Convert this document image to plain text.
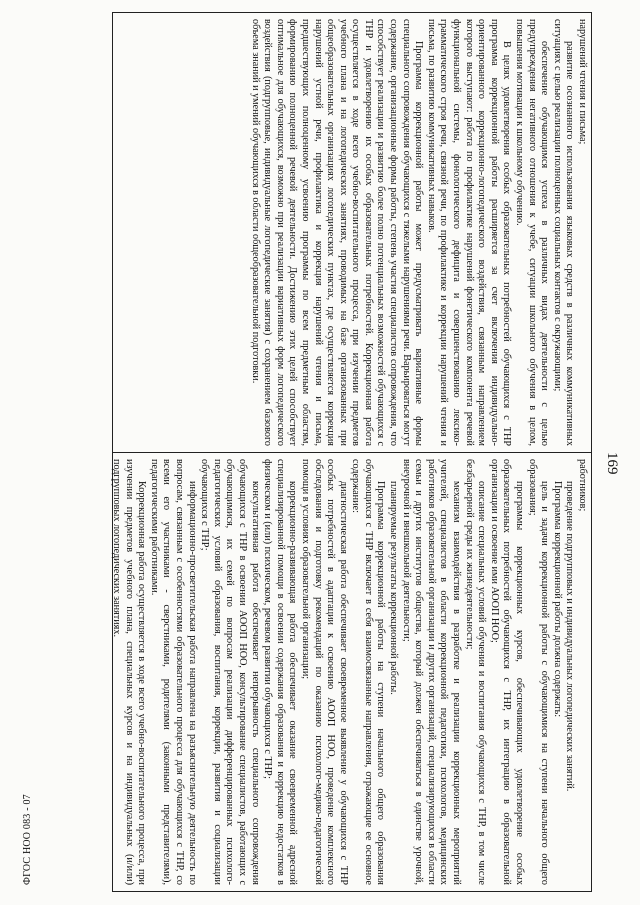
169

нарушений чтения и письма;

развитие осознанного использования языковых средств в различных коммуникативных ситуациях с целью реализации полноценных социальных контактов с окружающими;

обеспечение обучающимся успеха в различных видах деятельности с целью предупреждения негативного отношения к учебе, ситуации школьного обучения в целом, повышения мотивации к школьному обучению.

В целях удовлетворения особых образовательных потребностей обучающихся с ТНР программа коррекционной работы расширяется за счет включения индивидуально-ориентированного коррекционно-логопедического воздействия, связанным направлением которого выступают: работа по профилактике нарушений фонетического компонента речевой функциональной системы, фонологического дефицита и совершенствованию лексико-грамматического строя речи, связной речи, по профилактике и коррекции нарушений чтения и письма, по развитию коммуникативных навыков.

Программа коррекционной работы может предусматривать вариативные формы специального сопровождения обучающихся с тяжелыми нарушениями речи. Варьироваться могут содержание, организационные формы работы, степень участия специалистов сопровождения, что способствует реализации и развитию более полно потенциальных возможностей обучающихся с ТНР и удовлетворению их особых образовательных потребностей. Коррекционная работа осуществляется в ходе всего учебно-воспитательного процесса, при изучении предметов учебного плана и на логопедических занятиях, проводимых на базе организованных при общеобразовательных организациях логопедических пунктах, где осуществляется коррекция нарушений устной речи, профилактика и коррекция нарушений чтения и письма, предшествующих полноценному усвоению программы по всем предметным областям, формированию полноценной речевой деятельности. Достижению этих целей способствует оптимальное для обучающихся, возможно при реализации вариативных форм логопедического воздействия (подгрупповые, индивидуальные логопедические занятия) с сохранением базового объема знаний и умений обучающихся в области общеобразовательной подготовки.

работников;

проведение подгрупповых и индивидуальных логопедических занятий.

Программа коррекционной работы должна содержать:

цель и задачи коррекционной работы с обучающимися на ступени начального общего образования;

программы коррекционных курсов, обеспечивающих удовлетворение особых образовательных потребностей обучающихся с ТНР, их интеграцию в образовательной организации и освоение ими АООП НОО;

описание специальных условий обучения и воспитания обучающихся с ТНР, в том числе безбарьерной среды их жизнедеятельности;

механизм взаимодействия в разработке и реализации коррекционных мероприятий учителей, специалистов в области коррекционной педагогики, психологов, медицинских работников образовательной организации и других организаций, специализирующихся в области семьи и других институтов общества, который должен обеспечиваться в единстве урочной, внеурочной и внешкольной деятельности;

планируемые результаты коррекционной работы.

Программа коррекционной работы на ступени начального общего образования обучающихся с ТНР включает в себя взаимосвязанные направления, отражающие ее основное содержание:

диагностическая работа обеспечивает своевременное выявление у обучающихся с ТНР особых потребностей в адаптации к освоению АООП НОО, проведение комплексного обследования и подготовку рекомендаций по оказанию психолого-медико-педагогической помощи в условиях образовательной организации;

коррекционно-развивающая работа обеспечивает оказание своевременной адресной специализированной помощи в освоении содержания образования и коррекцию недостатков в физическом и (или) психическом, речевом развитии обучающихся с ТНР;

консультативная работа обеспечивает непрерывность специального сопровождения обучающихся с ТНР в освоении АООП НОО, консультирование специалистов, работающих с обучающимися, их семей по вопросам реализации дифференцированных психолого-педагогических условий образования, воспитания, коррекции, развития и социализации обучающихся с ТНР;

информационно-просветительская работа направлена на разъяснительную деятельность по вопросам, связанным с особенностями образовательного процесса для обучающихся с ТНР, со всеми его участниками - сверстниками, родителями (законными представителями), педагогическими работниками.

Коррекционная работа осуществляется в ходе всего учебно-воспитательного процесса, при изучении предметов учебного плана, специальных курсов и на индивидуальных (и/или) подгрупповых логопедических занятиях.

ФГОС НОО 083 - 07
